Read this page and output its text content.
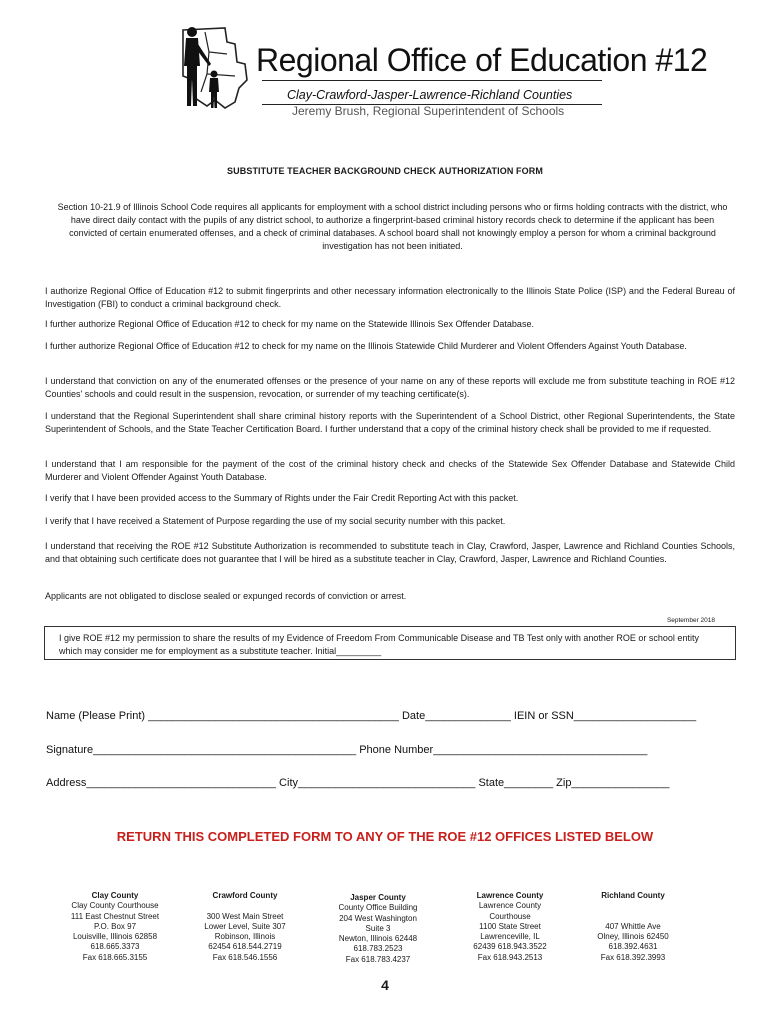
Regional Office of Education #12
Clay-Crawford-Jasper-Lawrence-Richland Counties
Jeremy Brush, Regional Superintendent of Schools
SUBSTITUTE TEACHER BACKGROUND CHECK AUTHORIZATION FORM
Section 10-21.9 of Illinois School Code requires all applicants for employment with a school district including persons who or firms holding contracts with the district, who have direct daily contact with the pupils of any district school, to authorize a fingerprint-based criminal history records check to determine if the applicant has been convicted of certain enumerated offenses, and a check of criminal databases. A school board shall not knowingly employ a person for whom a criminal background investigation has not been initiated.
I authorize Regional Office of Education #12 to submit fingerprints and other necessary information electronically to the Illinois State Police (ISP) and the Federal Bureau of Investigation (FBI) to conduct a criminal background check.
I further authorize Regional Office of Education #12 to check for my name on the Statewide Illinois Sex Offender Database.
I further authorize Regional Office of Education #12 to check for my name on the Illinois Statewide Child Murderer and Violent Offenders Against Youth Database.
I understand that conviction on any of the enumerated offenses or the presence of your name on any of these reports will exclude me from substitute teaching in ROE #12 Counties' schools and could result in the suspension, revocation, or surrender of my teaching certificate(s).
I understand that the Regional Superintendent shall share criminal history reports with the Superintendent of a School District, other Regional Superintendents, the State Superintendent of Schools, and the State Teacher Certification Board. I further understand that a copy of the criminal history check shall be provided to me if requested.
I understand that I am responsible for the payment of the cost of the criminal history check and checks of the Statewide Sex Offender Database and Statewide Child Murderer and Violent Offender Against Youth Database.
I verify that I have been provided access to the Summary of Rights under the Fair Credit Reporting Act with this packet.
I verify that I have received a Statement of Purpose regarding the use of my social security number with this packet.
I understand that receiving the ROE #12 Substitute Authorization is recommended to substitute teach in Clay, Crawford, Jasper, Lawrence and Richland Counties Schools, and that obtaining such certificate does not guarantee that I will be hired as a substitute teacher in Clay, Crawford, Jasper, Lawrence and Richland Counties.
Applicants are not obligated to disclose sealed or expunged records of conviction or arrest.
September 2018
I give ROE #12 my permission to share the results of my Evidence of Freedom From Communicable Disease and TB Test only with another ROE or school entity which may consider me for employment as a substitute teacher. Initial_________
Name (Please Print) _________________________________________ Date______________ IEIN or SSN____________________
Signature___________________________________________ Phone Number___________________________________
Address_______________________________ City_____________________________ State________ Zip________________
RETURN THIS COMPLETED FORM TO ANY OF THE ROE #12 OFFICES LISTED BELOW
Clay County
Clay County Courthouse
111 East Chestnut Street
P.O. Box 97
Louisville, Illinois 62858
618.665.3373
Fax 618.665.3155
Crawford County

300 West Main Street
Lower Level, Suite 307
Robinson, Illinois
62454 618.544.2719
Fax 618.546.1556
Jasper County
County Office Building
204 West Washington
Suite 3
Newton, Illinois 62448
618.783.2523
Fax 618.783.4237
Lawrence County
Lawrence County
Courthouse
1100 State Street
Lawrenceville, IL
62439 618.943.3522
Fax 618.943.2513
Richland County

407 Whittle Ave
Olney, Illinois 62450
618.392.4631
Fax 618.392.3993
4
